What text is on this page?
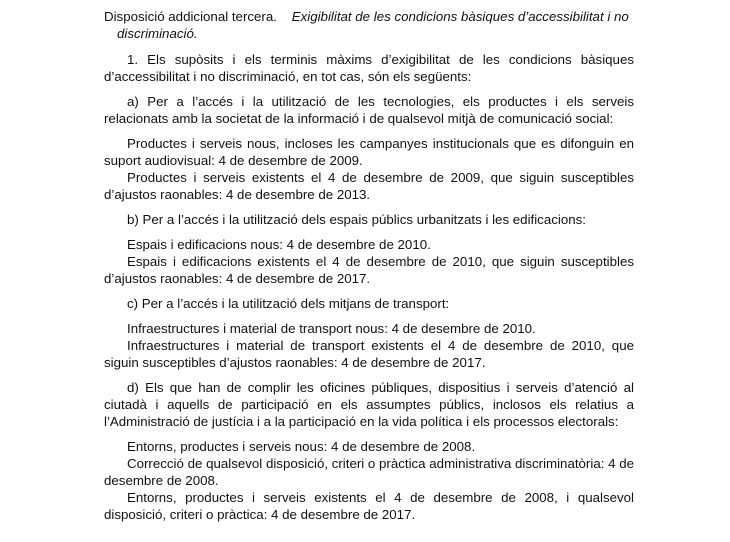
Disposició addicional tercera. Exigibilitat de les condicions bàsiques d’accessibilitat i no discriminació.

1. Els supòsits i els terminis màxims d’exigibilitat de les condicions bàsiques d’accessibilitat i no discriminació, en tot cas, són els següents:

a) Per a l’accés i la utilització de les tecnologies, els productes i els serveis relacionats amb la societat de la informació i de qualsevol mitjà de comunicació social:

Productes i serveis nous, incloses les campanyes institucionals que es difonguin en suport audiovisual: 4 de desembre de 2009.

Productes i serveis existents el 4 de desembre de 2009, que siguin susceptibles d’ajustos raonables: 4 de desembre de 2013.

b) Per a l’accés i la utilització dels espais públics urbanitzats i les edificacions:

Espais i edificacions nous: 4 de desembre de 2010.

Espais i edificacions existents el 4 de desembre de 2010, que siguin susceptibles d’ajustos raonables: 4 de desembre de 2017.

c) Per a l’accés i la utilització dels mitjans de transport:

Infraestructures i material de transport nous: 4 de desembre de 2010.

Infraestructures i material de transport existents el 4 de desembre de 2010, que siguin susceptibles d’ajustos raonables: 4 de desembre de 2017.

d) Els que han de complir les oficines públiques, dispositius i serveis d’atenció al ciutadà i aquells de participació en els assumptes públics, inclosos els relatius a l’Administració de justícia i a la participació en la vida política i els processos electorals:

Entorns, productes i serveis nous: 4 de desembre de 2008.

Correcció de qualsevol disposició, criteri o pràctica administrativa discriminatòria: 4 de desembre de 2008.

Entorns, productes i serveis existents el 4 de desembre de 2008, i qualsevol disposició, criteri o pràctica: 4 de desembre de 2017.
